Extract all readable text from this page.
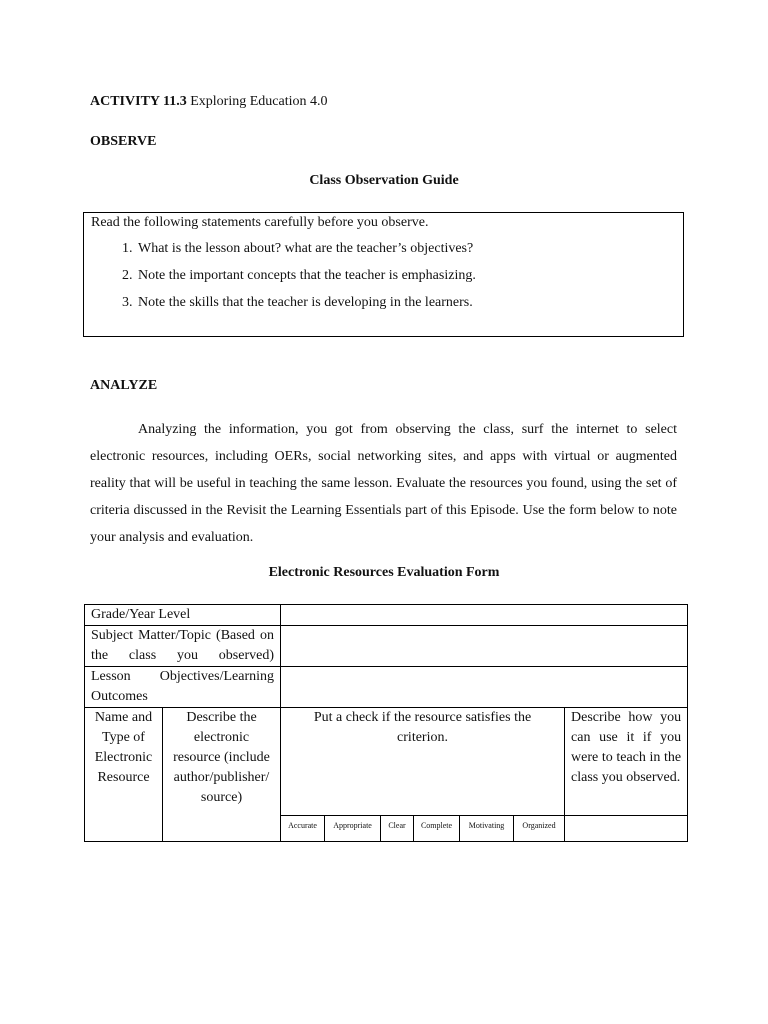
ACTIVITY 11.3 Exploring Education 4.0
OBSERVE
Class Observation Guide
Read the following statements carefully before you observe.
1. What is the lesson about? what are the teacher’s objectives?
2. Note the important concepts that the teacher is emphasizing.
3. Note the skills that the teacher is developing in the learners.
ANALYZE
Analyzing the information, you got from observing the class, surf the internet to select electronic resources, including OERs, social networking sites, and apps with virtual or augmented reality that will be useful in teaching the same lesson. Evaluate the resources you found, using the set of criteria discussed in the Revisit the Learning Essentials part of this Episode. Use the form below to note your analysis and evaluation.
Electronic Resources Evaluation Form
Grade/Year Level								
Subject Matter/Topic (Based on the class you observed)								
Lesson Objectives/Learning Outcomes								
Name and Type of Electronic Resource	Describe the electronic resource (include author/publisher/ source)	Put a check if the resource satisfies the criterion.						Describe how you can use it if you were to teach in the class you observed.
		Accurate	Appropriate	Clear	Complete	Motivating	Organized	
